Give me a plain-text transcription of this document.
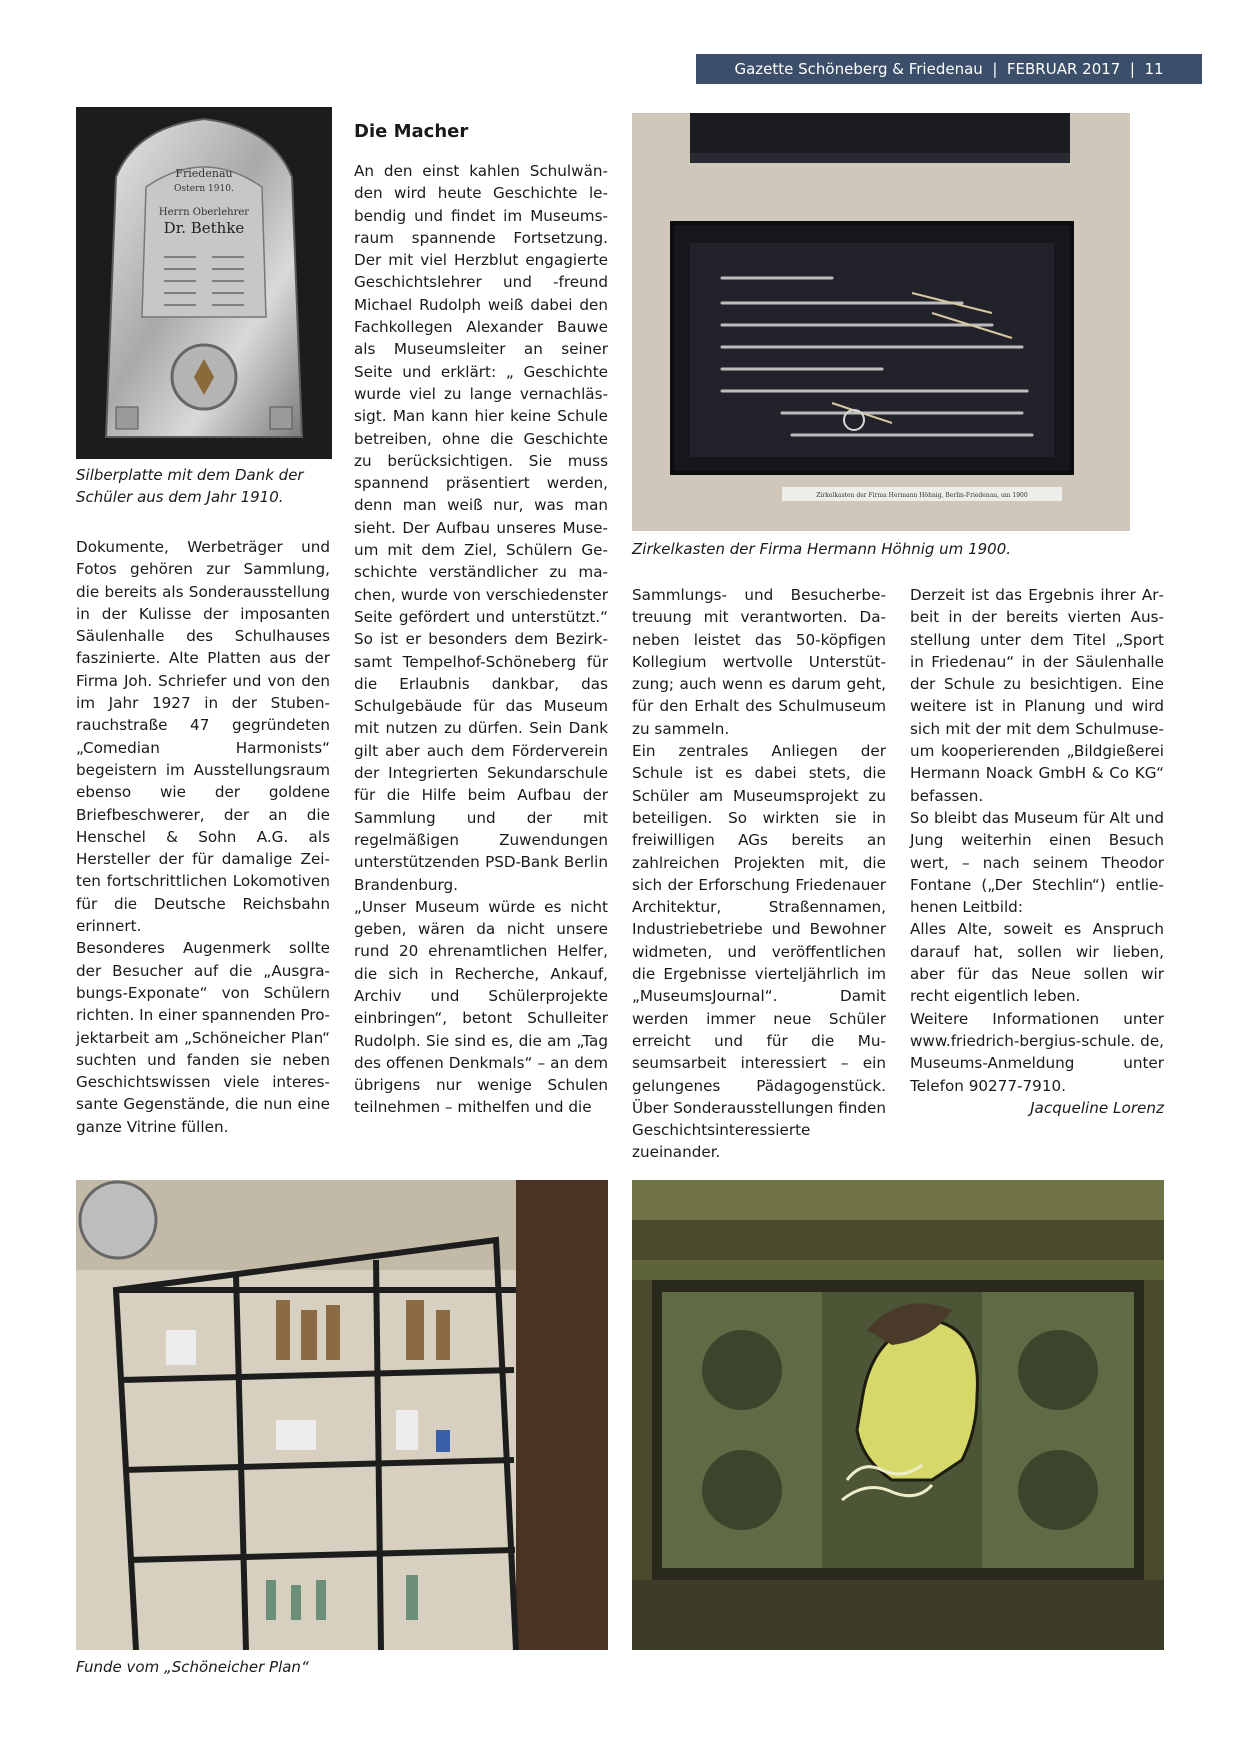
Gazette Schöneberg & Friedenau  |  FEBRUAR 2017  |  11
Friedenau
Ostern 1910.
Herrn Oberlehrer
Dr. Bethke
Silberplatte mit dem Dank der Schüler aus dem Jahr 1910.
Die Macher
Zirkelkasten der Firma Hermann Höhnig, Berlin-Friedenau, um 1900
Zirkelkasten der Firma Hermann Höhnig um 1900.

Dokumente, Werbeträger und Fotos gehören zur Sammlung, die bereits als Sonderausstellung in der Kulisse der imposanten Säulenhalle des Schulhauses faszinierte. Alte Platten aus der Firma Joh. Schriefer und von den im Jahr 1927 in der Stubenrauchstraße 47 gegründeten „Comedian Harmonists“ begeistern im Ausstellungsraum ebenso wie der goldene Briefbeschwerer, der an die Henschel & Sohn A.G. als Hersteller der für damalige Zeiten fortschrittlichen Lokomotiven für die Deutsche Reichsbahn erinnert.

Besonderes Augenmerk sollte der Besucher auf die „Ausgrabungs-Exponate“ von Schülern richten. In einer spannenden Projektarbeit am „Schöneicher Plan“ suchten und fanden sie neben Geschichtswissen viele interessante Gegenstände, die nun eine ganze Vitrine füllen.

An den einst kahlen Schulwänden wird heute Geschichte lebendig und findet im Museumsraum spannende Fortsetzung. Der mit viel Herzblut engagierte Geschichtslehrer und -freund Michael Rudolph weiß dabei den Fachkollegen Alexander Bauwe als Museumsleiter an seiner Seite und erklärt: „ Geschichte wurde viel zu lange vernachlässigt. Man kann hier keine Schule betreiben, ohne die Geschichte zu berücksichtigen. Sie muss spannend präsentiert werden, denn man weiß nur, was man sieht. Der Aufbau unseres Museum mit dem Ziel, Schülern Geschichte verständlicher zu machen, wurde von verschiedenster Seite gefördert und unterstützt.“ So ist er besonders dem Bezirksamt Tempelhof-Schöneberg für die Erlaubnis dankbar, das Schulgebäude für das Museum mit nutzen zu dürfen. Sein Dank gilt aber auch dem Förderverein der Integrierten Sekundarschule für die Hilfe beim Aufbau der Sammlung und der mit regelmäßigen Zuwendungen unterstützenden PSD-Bank Berlin Brandenburg.

„Unser Museum würde es nicht geben, wären da nicht unsere rund 20 ehrenamtlichen Helfer, die sich in Recherche, Ankauf, Archiv und Schülerprojekte einbringen“, betont Schulleiter Rudolph. Sie sind es, die am „Tag des offenen Denkmals“ – an dem übrigens nur wenige Schulen teilnehmen – mithelfen und die

Sammlungs- und Besucherbetreuung mit verantworten. Daneben leistet das 50-köpfigen Kollegium wertvolle Unterstützung; auch wenn es darum geht, für den Erhalt des Schulmuseum zu sammeln.

Ein zentrales Anliegen der Schule ist es dabei stets, die Schüler am Museumsprojekt zu beteiligen. So wirkten sie in freiwilligen AGs bereits an zahlreichen Projekten mit, die sich der Erforschung Friedenauer Architektur, Straßennamen, Industriebetriebe und Bewohner widmeten, und veröffentlichen die Ergebnisse vierteljährlich im „MuseumsJournal“. Damit werden immer neue Schüler erreicht und für die Museumsarbeit interessiert – ein gelungenes Pädagogenstück. Über Sonderausstellungen finden Geschichtsinteressierte zueinander.

Derzeit ist das Ergebnis ihrer Arbeit in der bereits vierten Ausstellung unter dem Titel „Sport in Friedenau“ in der Säulenhalle der Schule zu besichtigen. Eine weitere ist in Planung und wird sich mit der mit dem Schulmuseum kooperierenden „Bildgießerei Hermann Noack GmbH & Co KG“ befassen.

So bleibt das Museum für Alt und Jung weiterhin einen Besuch wert, – nach seinem Theodor Fontane („Der Stechlin“) entliehenen Leitbild:

Alles Alte, soweit es Anspruch darauf hat, sollen wir lieben, aber für das Neue sollen wir recht eigentlich leben.

Weitere Informationen unter www.friedrich-bergius-schule. de, Museums-Anmeldung unter Telefon 90277-7910.

Jacqueline Lorenz

Funde vom „Schöneicher Plan“
